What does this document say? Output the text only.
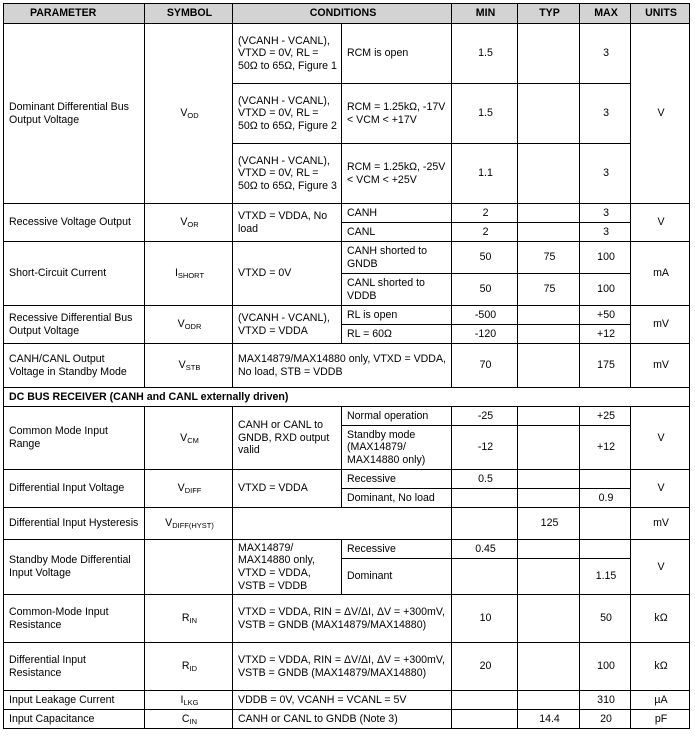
PARAMETER	SYMBOL	CONDITIONS		MIN	TYP	MAX	UNITS
Dominant Differential Bus Output Voltage	$V_{OD}$	(VCANH - VCANL), VTXD = 0V, RL = 50Ω to 65Ω, Figure 1	RCM is open	1.5		3	V
		(VCANH - VCANL), VTXD = 0V, RL = 50Ω to 65Ω, Figure 2	RCM = 1.25kΩ, -17V < VCM < +17V	1.5		3	
		(VCANH - VCANL), VTXD = 0V, RL = 50Ω to 65Ω, Figure 3	RCM = 1.25kΩ, -25V < VCM < +25V	1.1		3	
Recessive Voltage Output	$V_{OR}$	VTXD = VDDA, No load	CANH	2		3	V
			CANL	2		3	
Short-Circuit Current	$I_{SHORT}$	VTXD = 0V	CANH shorted to GNDB	50	75	100	mA
			CANL shorted to VDDB	50	75	100	
Recessive Differential Bus Output Voltage	$V_{ODR}$	(VCANH - VCANL), VTXD = VDDA	RL is open	-500		+50	mV
			RL = 60Ω	-120		+12	
CANH/CANL Output Voltage in Standby Mode	$V_{STB}$	MAX14879/MAX14880 only, VTXD = VDDA, No load, STB = VDDB		70		175	mV
DC BUS RECEIVER (CANH and CANL externally driven)							
Common Mode Input Range	$V_{CM}$	CANH or CANL to GNDB, RXD output valid	Normal operation	-25		+25	V
			Standby mode (MAX14879/ MAX14880 only)	-12		+12	
Differential Input Voltage	$V_{DIFF}$	VTXD = VDDA	Recessive	0.5			V
			Dominant, No load			0.9	
Differential Input Hysteresis	$V_{DIFF(HYST)}$				125		mV
Standby Mode Differential Input Voltage		MAX14879/ MAX14880 only, VTXD = VDDA, VSTB = VDDB	Recessive	0.45			V
			Dominant			1.15	
Common-Mode Input Resistance	$R_{IN}$	VTXD = VDDA, RIN = ΔV/ΔI, ΔV = +300mV, VSTB = GNDB (MAX14879/MAX14880)		10		50	kΩ
Differential Input Resistance	$R_{ID}$	VTXD = VDDA, RIN = ΔV/ΔI, ΔV = +300mV, VSTB = GNDB (MAX14879/MAX14880)		20		100	kΩ
Input Leakage Current	$I_{LKG}$	VDDB = 0V, VCANH = VCANL = 5V				310	µA
Input Capacitance	$C_{IN}$	CANH or CANL to GNDB (Note 3)			14.4	20	pF
